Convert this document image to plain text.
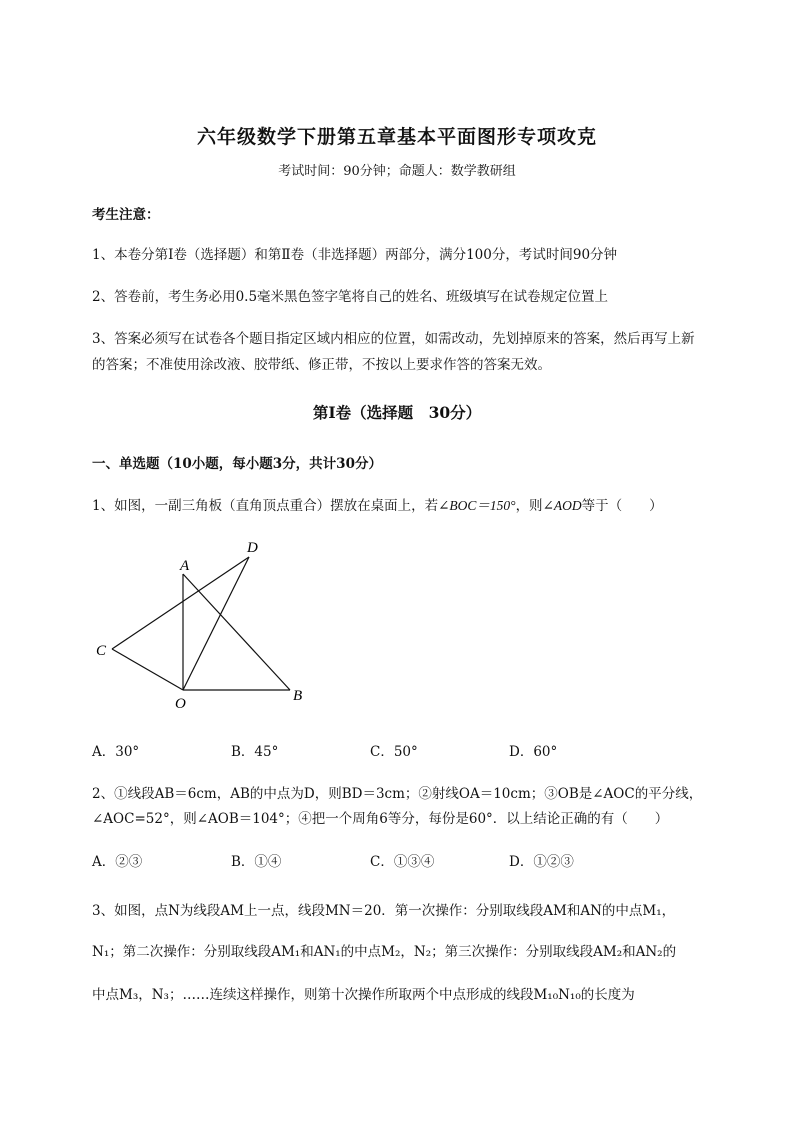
六年级数学下册第五章基本平面图形专项攻克
考试时间：90分钟；命题人：数学教研组
考生注意：
1、本卷分第I卷（选择题）和第Ⅱ卷（非选择题）两部分，满分100分，考试时间90分钟
2、答卷前，考生务必用0.5毫米黑色签字笔将自己的姓名、班级填写在试卷规定位置上
3、答案必须写在试卷各个题目指定区域内相应的位置，如需改动，先划掉原来的答案，然后再写上新
的答案；不准使用涂改液、胶带纸、修正带，不按以上要求作答的答案无效。
第I卷（选择题　30分）
一、单选题（10小题，每小题3分，共计30分）
1、如图，一副三角板（直角顶点重合）摆放在桌面上，若∠BOC＝150°，则∠AOD等于（　　）
A
D
C
O	B
A．30°	B．45°	C．50°	D．60°
2、①线段AB＝6cm，AB的中点为D，则BD＝3cm；②射线OA＝10cm；③OB是∠AOC的平分线，
∠AOC=52°，则∠AOB＝104°；④把一个周角6等分，每份是60°．以上结论正确的有（　　）
A．②③	B．①④	C．①③④	D．①②③
3、如图，点N为线段AM上一点，线段MN＝20．第一次操作：分别取线段AM和AN的中点M₁，
N₁；第二次操作：分别取线段AM₁和AN₁的中点M₂，N₂；第三次操作：分别取线段AM₂和AN₂的
中点M₃，N₃；……连续这样操作，则第十次操作所取两个中点形成的线段M₁₀N₁₀的长度为
